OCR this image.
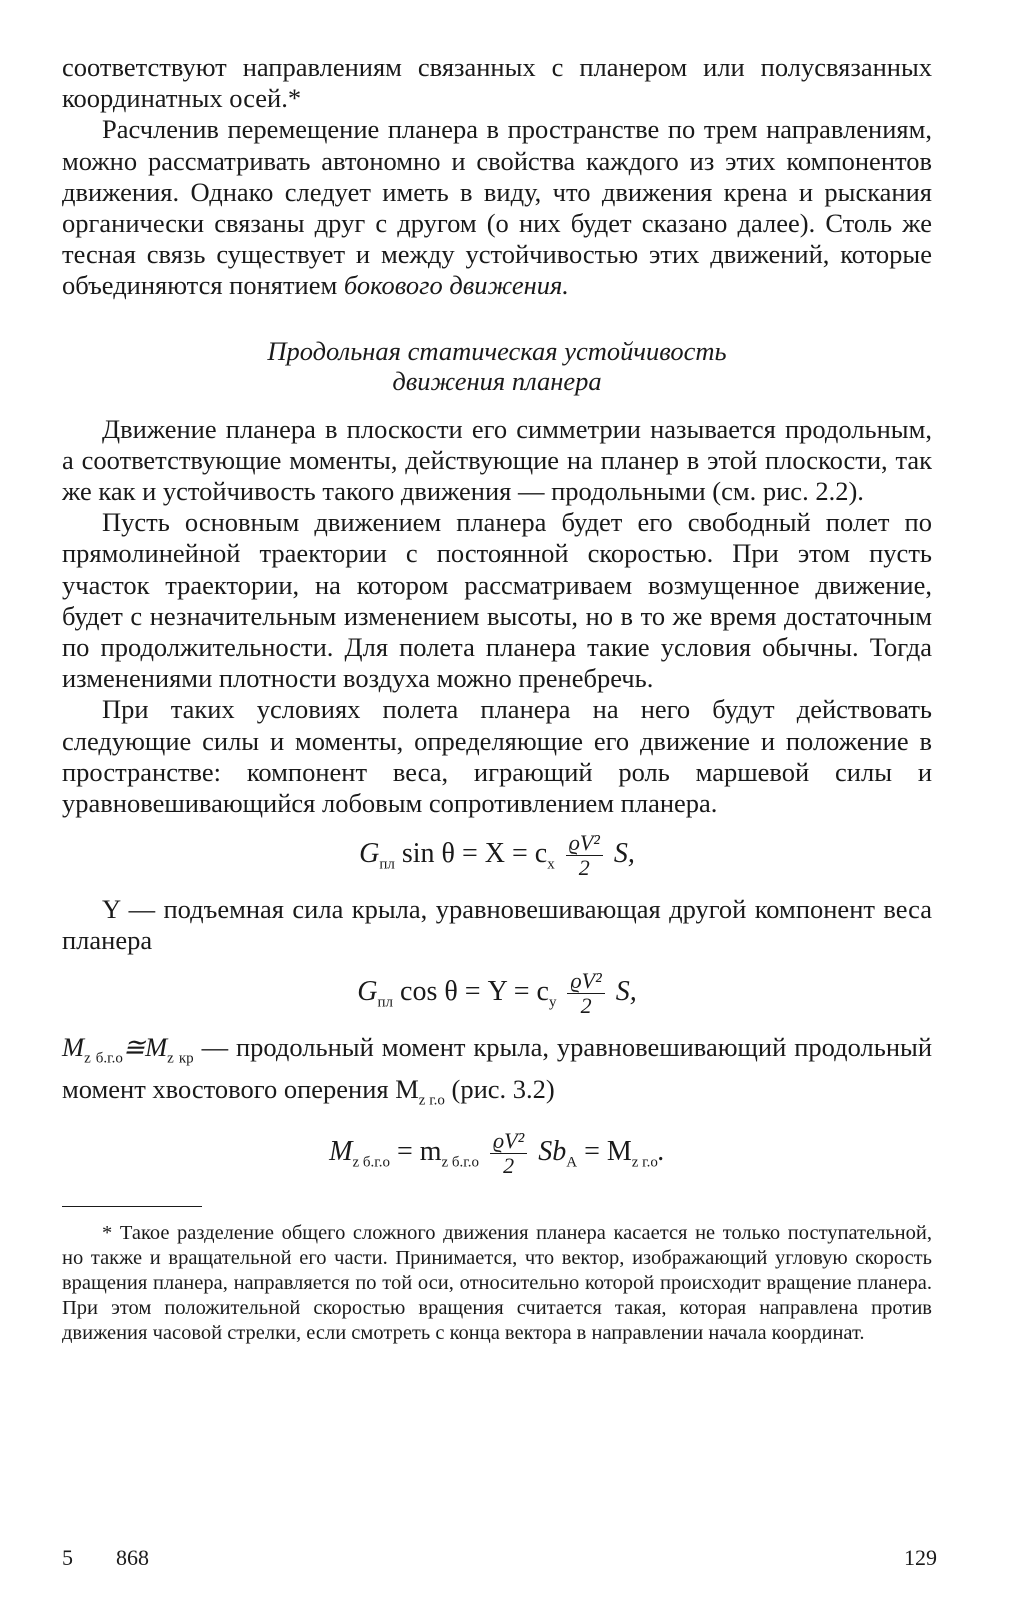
соответствуют направлениям связанных с планером или полусвязанных координатных осей.*

Расчленив перемещение планера в пространстве по трем направлениям, можно рассматривать автономно и свойства каждого из этих компонентов движения. Однако следует иметь в виду, что движения крена и рыскания органически связаны друг с другом (о них будет сказано далее). Столь же тесная связь существует и между устойчивостью этих движений, которые объединяются понятием бокового движения.

Продольная статическая устойчивость
движения планера

Движение планера в плоскости его симметрии называется продольным, а соответствующие моменты, действующие на планер в этой плоскости, так же как и устойчивость такого движения — продольными (см. рис. 2.2).

Пусть основным движением планера будет его свободный полет по прямолинейной траектории с постоянной скоростью. При этом пусть участок траектории, на котором рассматриваем возмущенное движение, будет с незначительным изменением высоты, но в то же время достаточным по продолжительности. Для полета планера такие условия обычны. Тогда изменениями плотности воздуха можно пренебречь.

При таких условиях полета планера на него будут действовать следующие силы и моменты, определяющие его движение и положение в пространстве: компонент веса, играющий роль маршевой силы и уравновешивающийся лобовым сопротивлением планера.

$G_{пл}$ $\sin \theta = X = c_x \frac{\text{ϱV²}}{2} S$,

Y — подъемная сила крыла, уравновешивающая другой компонент веса планера

$G_{пл}$ $\cos \theta = Y = c_y \frac{\text{ϱV²}}{2} S$,

$M_{z б.г.о}≅M_{z кр}$ — продольный момент крыла, уравновешивающий продольный момент хвостового оперения $M_{z г.о}$ (рис. 3.2)

$M_{z б.г.о} = m_{z б.г.о} \frac{\text{ϱV²}}{2} Sb_A = M_{z г.о}$.

* Такое разделение общего сложного движения планера касается не только поступательной, но также и вращательной его части. Принимается, что вектор, изображающий угловую скорость вращения планера, направляется по той оси, относительно которой происходит вращение планера. При этом положительной скоростью вращения считается такая, которая направлена против движения часовой стрелки, если смотреть с конца вектора в направлении начала координат.

5 868	129
